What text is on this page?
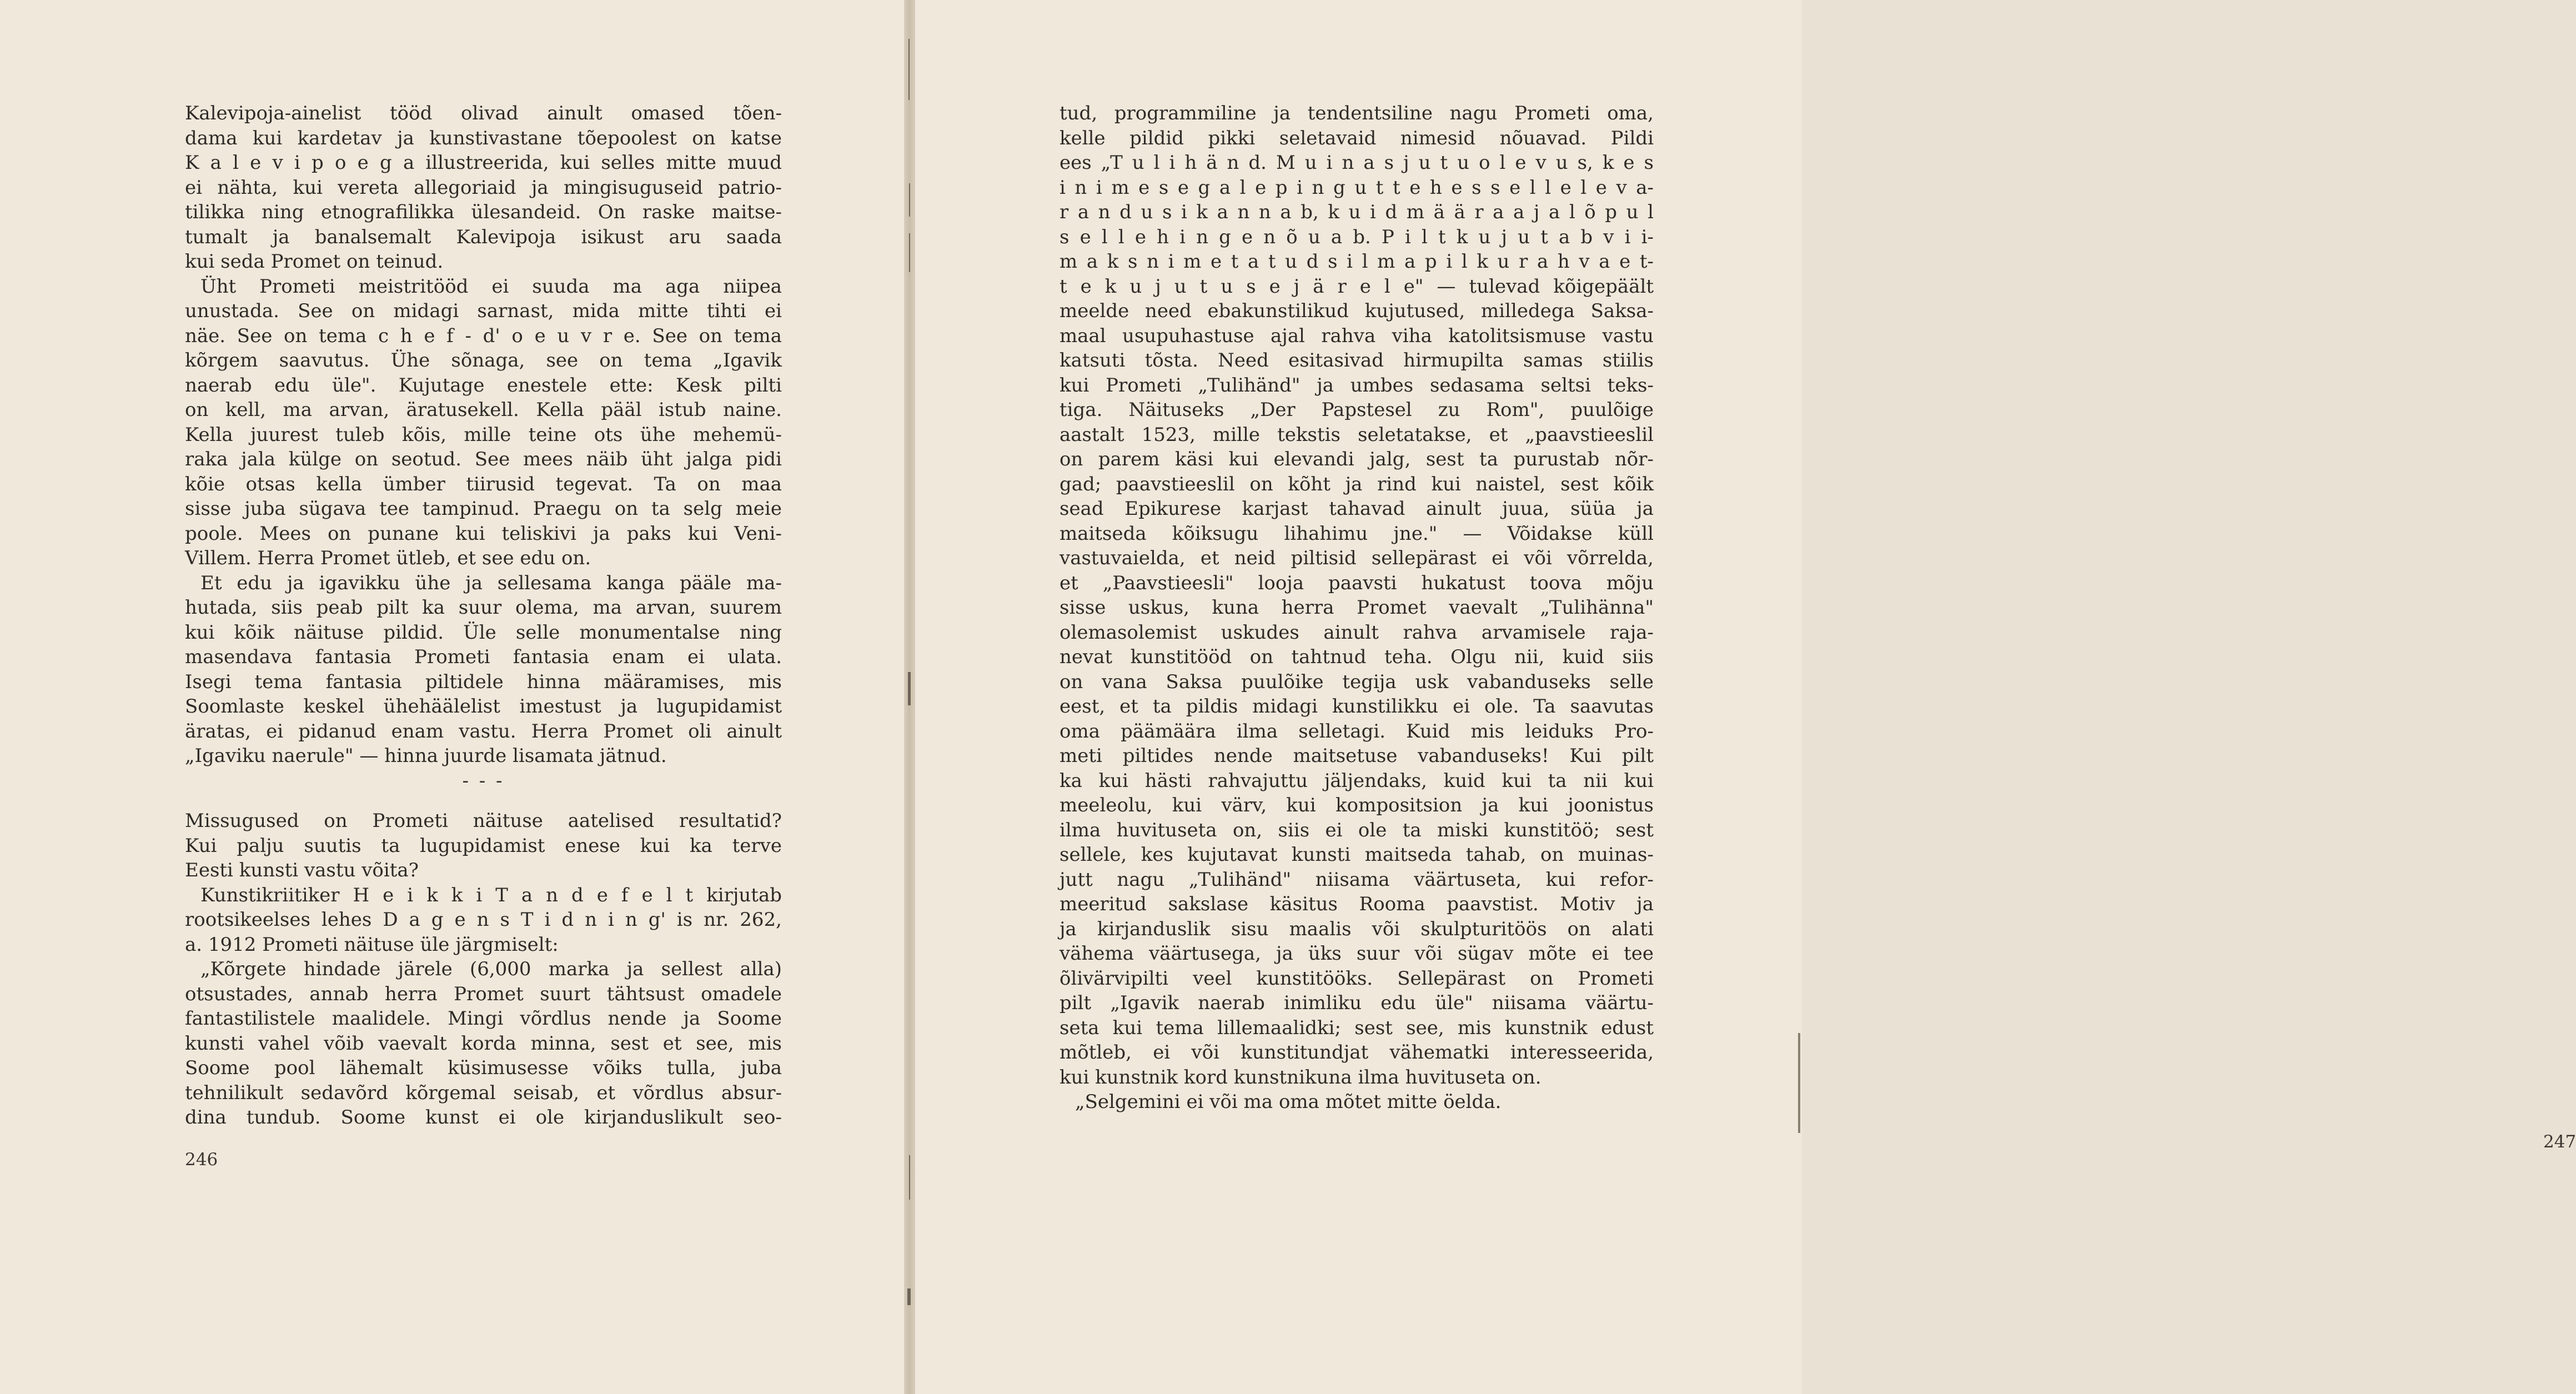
Kalevipoja-ainelist tööd olivad ainult omased tõen-
dama kui kardetav ja kunstivastane tõepoolest on katse
K a l e v i p o e g a illustreerida, kui selles mitte muud
ei nähta, kui vereta allegoriaid ja mingisuguseid patrio-
tilikka ning etnografilikka ülesandeid. On raske maitse-
tumalt ja banalsemalt Kalevipoja isikust aru saada
kui seda Promet on teinud.
Üht Prometi meistritööd ei suuda ma aga niipea
unustada. See on midagi sarnast, mida mitte tihti ei
näe. See on tema c h e f - d' o e u v r e. See on tema
kõrgem saavutus. Ühe sõnaga, see on tema „Igavik
naerab edu üle". Kujutage enestele ette: Kesk pilti
on kell, ma arvan, äratusekell. Kella pääl istub naine.
Kella juurest tuleb kõis, mille teine ots ühe mehemü-
raka jala külge on seotud. See mees näib üht jalga pidi
kõie otsas kella ümber tiirusid tegevat. Ta on maa
sisse juba sügava tee tampinud. Praegu on ta selg meie
poole. Mees on punane kui teliskivi ja paks kui Veni-
Villem. Herra Promet ütleb, et see edu on.
Et edu ja igavikku ühe ja sellesama kanga pääle ma-
hutada, siis peab pilt ka suur olema, ma arvan, suurem
kui kõik näituse pildid. Üle selle monumentalse ning
masendava fantasia Prometi fantasia enam ei ulata.
Isegi tema fantasia piltidele hinna määramises, mis
Soomlaste keskel ühehäälelist imestust ja lugupidamist
äratas, ei pidanud enam vastu. Herra Promet oli ainult
„Igaviku naerule" — hinna juurde lisamata jätnud.
- - -
Missugused on Prometi näituse aatelised resultatid?
Kui palju suutis ta lugupidamist enese kui ka terve
Eesti kunsti vastu võita?
Kunstikriitiker H e i k k i T a n d e f e l t kirjutab
rootsikeelses lehes D a g e n s T i d n i n g' is nr. 262,
a. 1912 Prometi näituse üle järgmiselt:
„Kõrgete hindade järele (6,000 marka ja sellest alla)
otsustades, annab herra Promet suurt tähtsust omadele
fantastilistele maalidele. Mingi võrdlus nende ja Soome
kunsti vahel võib vaevalt korda minna, sest et see, mis
Soome pool lähemalt küsimusesse võiks tulla, juba
tehnilikult sedavõrd kõrgemal seisab, et võrdlus absur-
dina tundub. Soome kunst ei ole kirjanduslikult seo-
246
tud, programmiline ja tendentsiline nagu Prometi oma,
kelle pildid pikki seletavaid nimesid nõuavad. Pildi
ees „T u l i h ä n d. M u i n a s j u t u o l e v u s, k e s
i n i m e s e g a l e p i n g u t t e h e s s e l l e l e v a-
r a n d u s i k a n n a b, k u i d m ä ä r a a j a l õ p u l
s e l l e h i n g e n õ u a b. P i l t k u j u t a b v i i-
m a k s n i m e t a t u d s i l m a p i l k u r a h v a e t-
t e k u j u t u s e j ä r e l e" — tulevad kõigepäält
meelde need ebakunstilikud kujutused, milledega Saksa-
maal usupuhastuse ajal rahva viha katolitsismuse vastu
katsuti tõsta. Need esitasivad hirmupilta samas stiilis
kui Prometi „Tulihänd" ja umbes sedasama seltsi teks-
tiga. Näituseks „Der Papstesel zu Rom", puulõige
aastalt 1523, mille tekstis seletatakse, et „paavstieeslil
on parem käsi kui elevandi jalg, sest ta purustab nõr-
gad; paavstieeslil on kõht ja rind kui naistel, sest kõik
sead Epikurese karjast tahavad ainult juua, süüa ja
maitseda kõiksugu lihahimu jne." — Võidakse küll
vastuvaielda, et neid piltisid sellepärast ei või võrrelda,
et „Paavstieesli" looja paavsti hukatust toova mõju
sisse uskus, kuna herra Promet vaevalt „Tulihänna"
olemasolemist uskudes ainult rahva arvamisele raja-
nevat kunstitööd on tahtnud teha. Olgu nii, kuid siis
on vana Saksa puulõike tegija usk vabanduseks selle
eest, et ta pildis midagi kunstilikku ei ole. Ta saavutas
oma päämäära ilma selletagi. Kuid mis leiduks Pro-
meti piltides nende maitsetuse vabanduseks! Kui pilt
ka kui hästi rahvajuttu jäljendaks, kuid kui ta nii kui
meeleolu, kui värv, kui kompositsion ja kui joonistus
ilma huvituseta on, siis ei ole ta miski kunstitöö; sest
sellele, kes kujutavat kunsti maitseda tahab, on muinas-
jutt nagu „Tulihänd" niisama väärtuseta, kui refor-
meeritud sakslase käsitus Rooma paavstist. Motiv ja
ja kirjanduslik sisu maalis või skulpturitöös on alati
vähema väärtusega, ja üks suur või sügav mõte ei tee
õlivärvipilti veel kunstitööks. Sellepärast on Prometi
pilt „Igavik naerab inimliku edu üle" niisama väärtu-
seta kui tema lillemaalidki; sest see, mis kunstnik edust
mõtleb, ei või kunstitundjat vähematki interesseerida,
kui kunstnik kord kunstnikuna ilma huvituseta on.
„Selgemini ei või ma oma mõtet mitte öelda.
247
